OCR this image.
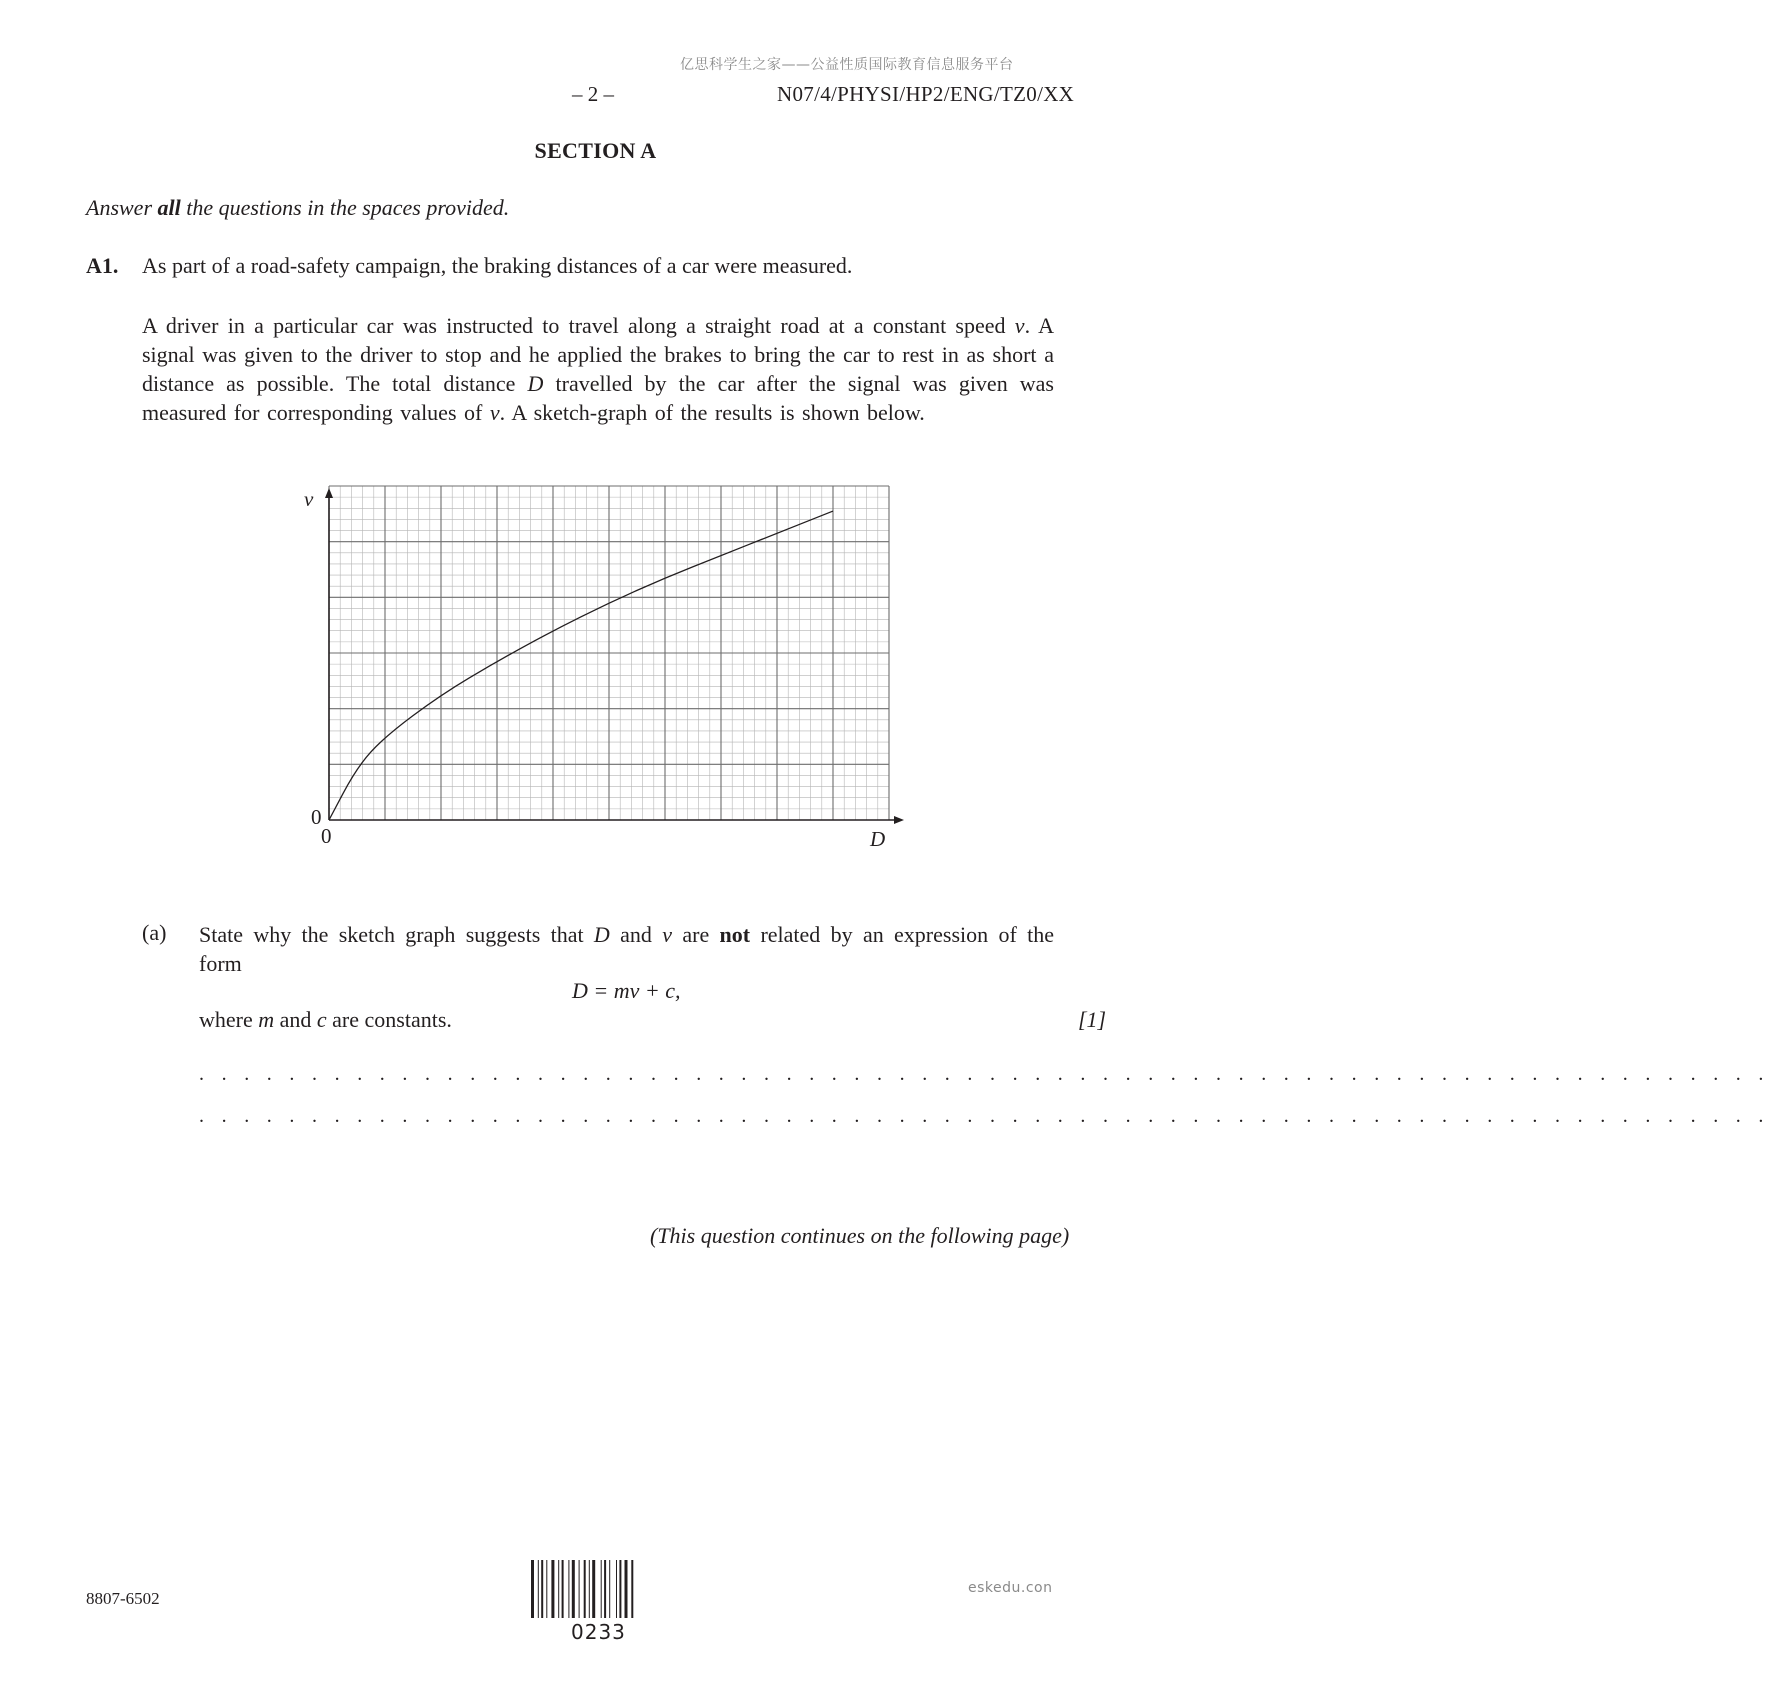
亿思科学生之家——公益性质国际教育信息服务平台
– 2 –	N07/4/PHYSI/HP2/ENG/TZ0/XX
SECTION A
Answer all the questions in the spaces provided.
A1. As part of a road-safety campaign, the braking distances of a car were measured.
A driver in a particular car was instructed to travel along a straight road at a constant speed v. A signal was given to the driver to stop and he applied the brakes to bring the car to rest in as short a distance as possible. The total distance D travelled by the car after the signal was given was measured for corresponding values of v. A sketch-graph of the results is shown below.
v
0
0	D
(a) State why the sketch graph suggests that D and v are not related by an expression of the form
D = mv + c,
where m and c are constants.	[1]
. . . . . . . . . . . . . . . . . . . . . . . . . . . . . . . . . . . . . . . . . . . . . . . . . . . . . . . . . . . . . . . . . . . . . .
. . . . . . . . . . . . . . . . . . . . . . . . . . . . . . . . . . . . . . . . . . . . . . . . . . . . . . . . . . . . . . . . . . . . . .
(This question continues on the following page)
8807-6502
0233
eskedu.con
